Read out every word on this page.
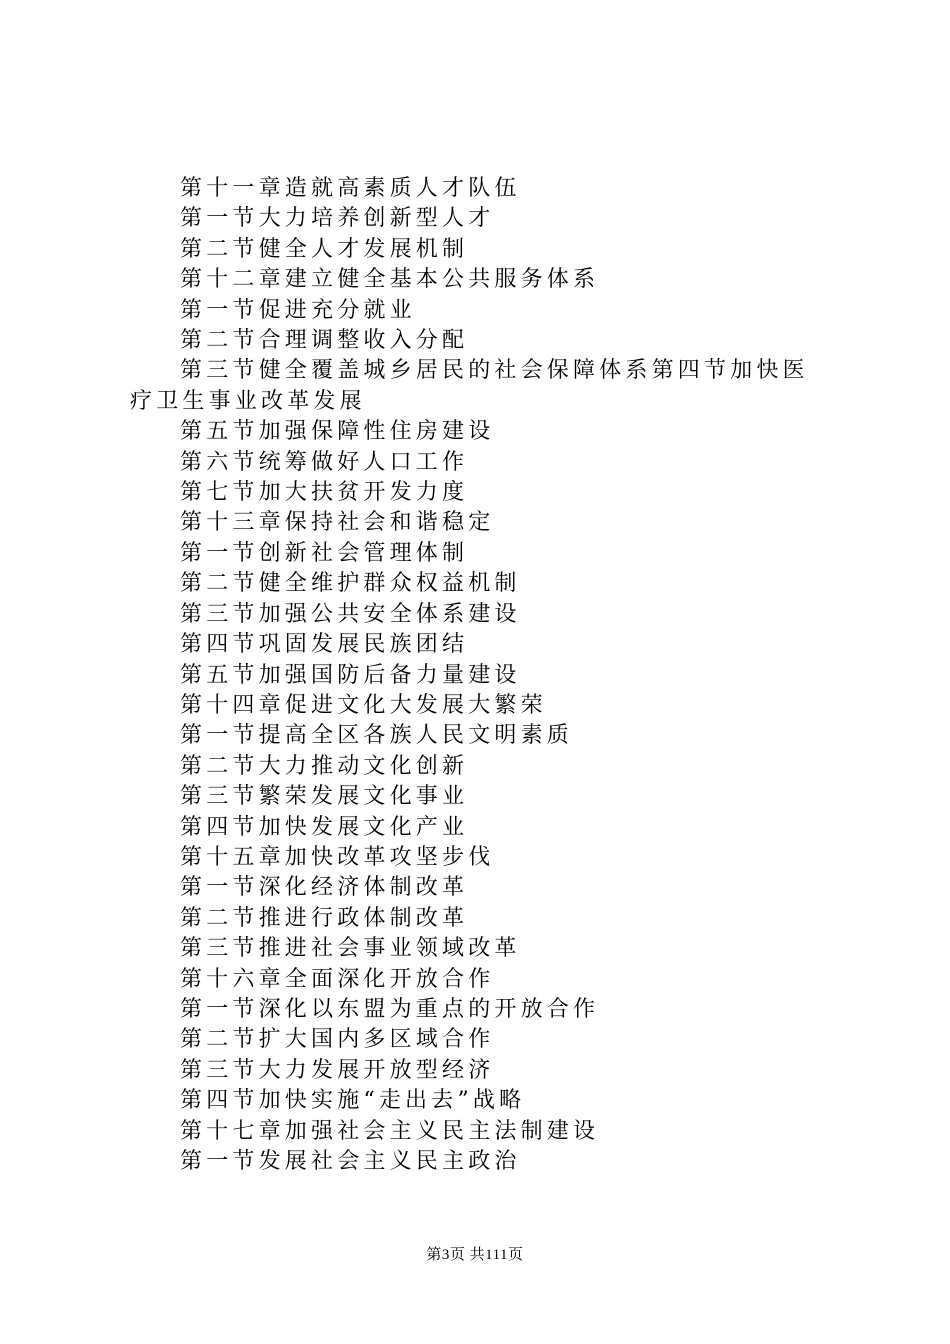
第十一章造就高素质人才队伍
第一节大力培养创新型人才
第二节健全人才发展机制
第十二章建立健全基本公共服务体系
第一节促进充分就业
第二节合理调整收入分配
第三节健全覆盖城乡居民的社会保障体系第四节加快医疗卫生事业改革发展
第五节加强保障性住房建设
第六节统筹做好人口工作
第七节加大扶贫开发力度
第十三章保持社会和谐稳定
第一节创新社会管理体制
第二节健全维护群众权益机制
第三节加强公共安全体系建设
第四节巩固发展民族团结
第五节加强国防后备力量建设
第十四章促进文化大发展大繁荣
第一节提高全区各族人民文明素质
第二节大力推动文化创新
第三节繁荣发展文化事业
第四节加快发展文化产业
第十五章加快改革攻坚步伐
第一节深化经济体制改革
第二节推进行政体制改革
第三节推进社会事业领域改革
第十六章全面深化开放合作
第一节深化以东盟为重点的开放合作
第二节扩大国内多区域合作
第三节大力发展开放型经济
第四节加快实施“走出去”战略
第十七章加强社会主义民主法制建设
第一节发展社会主义民主政治
第3页 共111页
